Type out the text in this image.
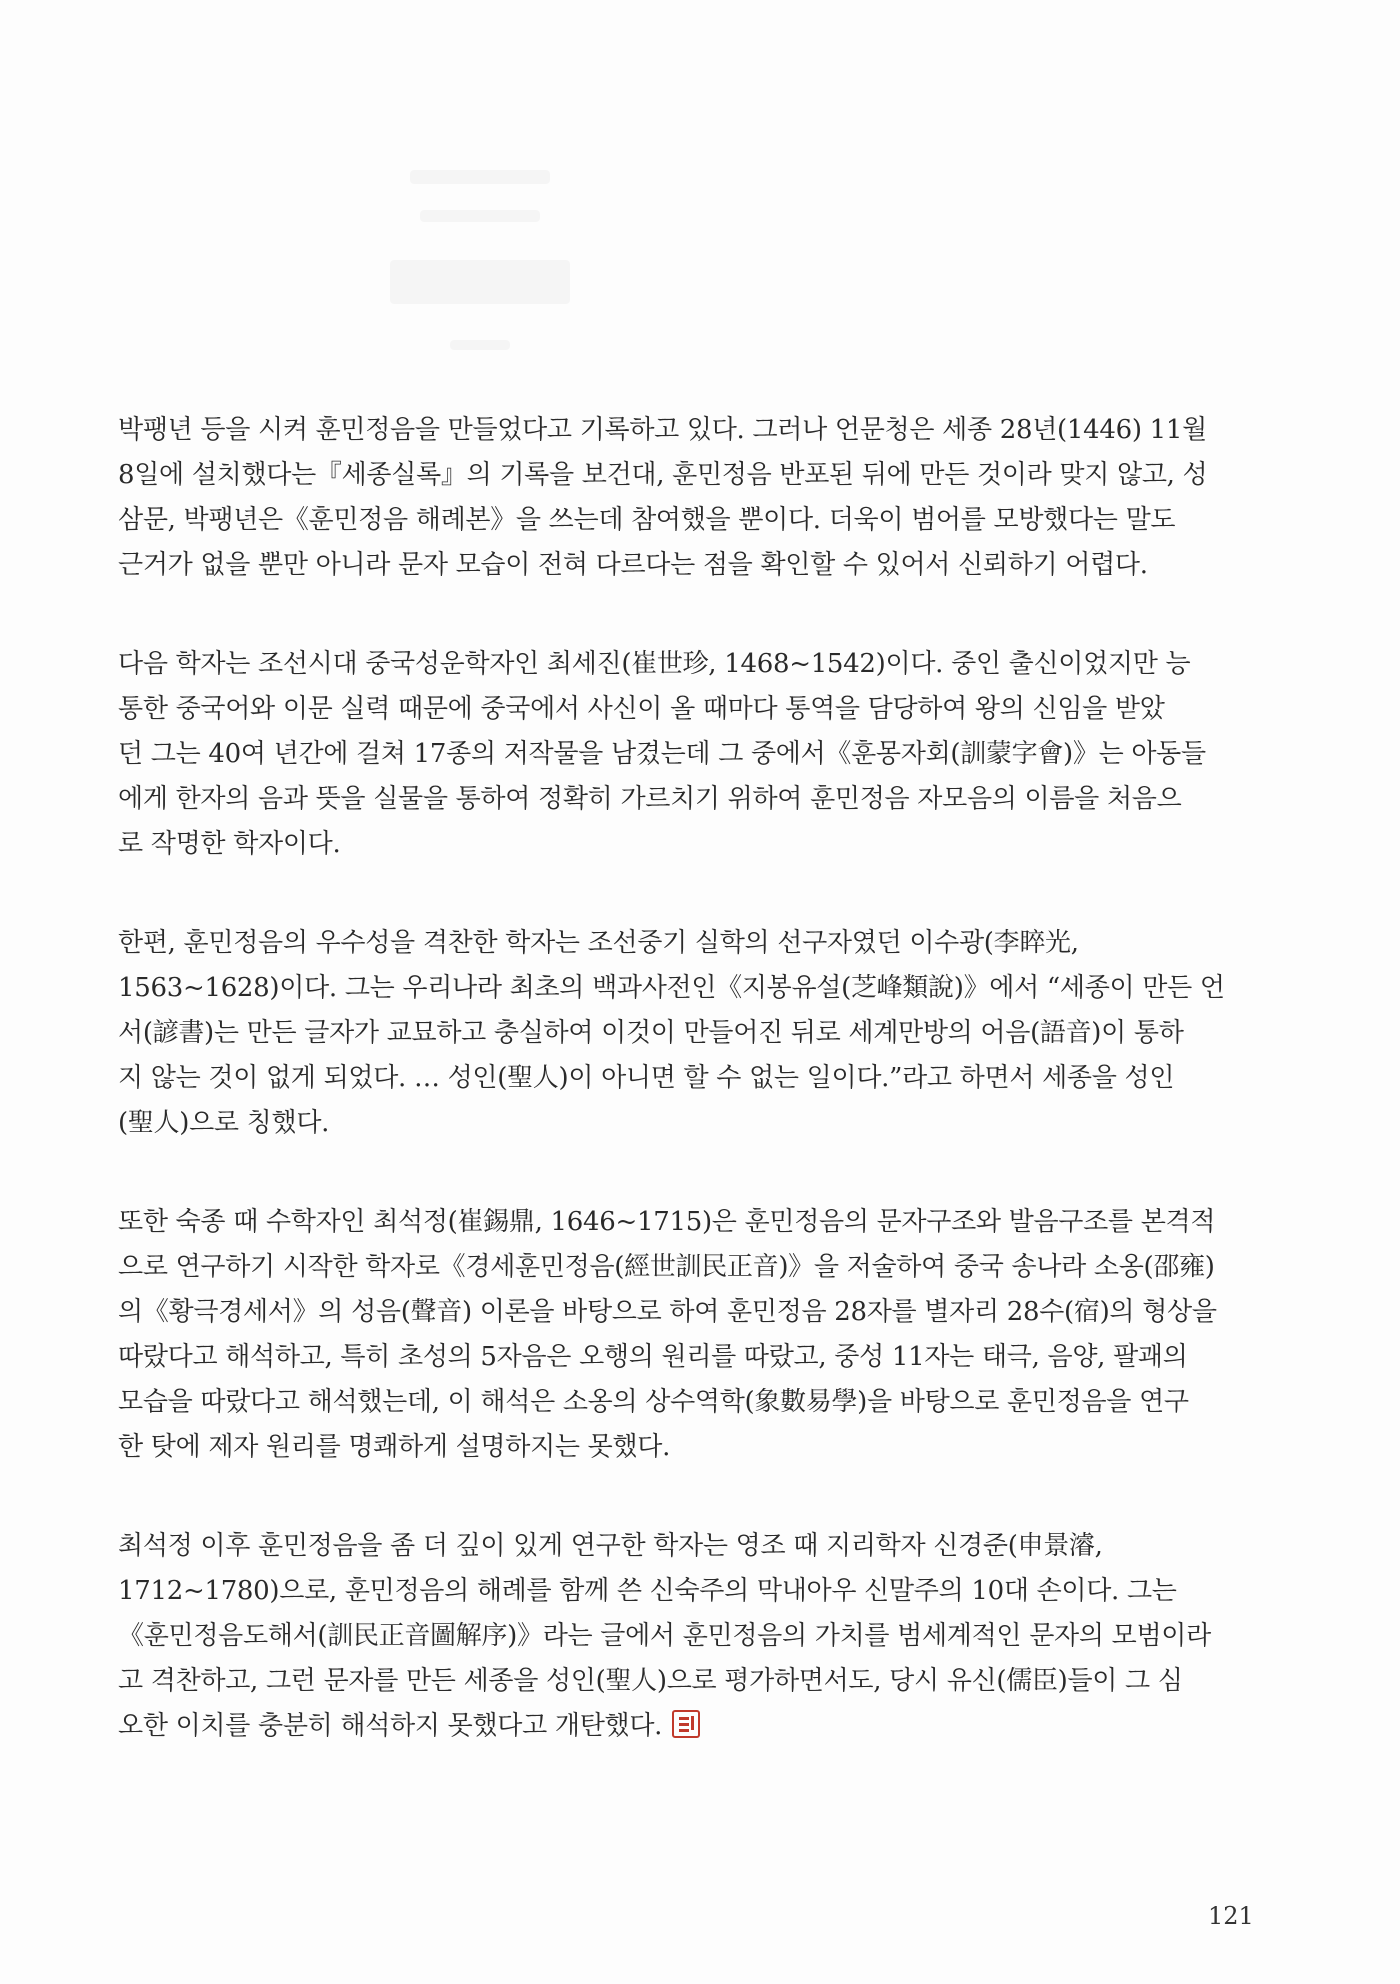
박팽년 등을 시켜 훈민정음을 만들었다고 기록하고 있다. 그러나 언문청은 세종 28년(1446) 11월

8일에 설치했다는『세종실록』의 기록을 보건대, 훈민정음 반포된 뒤에 만든 것이라 맞지 않고, 성

삼문, 박팽년은《훈민정음 해례본》을 쓰는데 참여했을 뿐이다. 더욱이 범어를 모방했다는 말도

근거가 없을 뿐만 아니라 문자 모습이 전혀 다르다는 점을 확인할 수 있어서 신뢰하기 어렵다.

다음 학자는 조선시대 중국성운학자인 최세진(崔世珍, 1468~1542)이다. 중인 출신이었지만 능

통한 중국어와 이문 실력 때문에 중국에서 사신이 올 때마다 통역을 담당하여 왕의 신임을 받았

던 그는 40여 년간에 걸쳐 17종의 저작물을 남겼는데 그 중에서《훈몽자회(訓蒙字會)》는 아동들

에게 한자의 음과 뜻을 실물을 통하여 정확히 가르치기 위하여 훈민정음 자모음의 이름을 처음으

로 작명한 학자이다.

한편, 훈민정음의 우수성을 격찬한 학자는 조선중기 실학의 선구자였던 이수광(李睟光,

1563~1628)이다. 그는 우리나라 최초의 백과사전인《지봉유설(芝峰類說)》에서 “세종이 만든 언

서(諺書)는 만든 글자가 교묘하고 충실하여 이것이 만들어진 뒤로 세계만방의 어음(語音)이 통하

지 않는 것이 없게 되었다. … 성인(聖人)이 아니면 할 수 없는 일이다.”라고 하면서 세종을 성인

(聖人)으로 칭했다.

또한 숙종 때 수학자인 최석정(崔錫鼎, 1646~1715)은 훈민정음의 문자구조와 발음구조를 본격적

으로 연구하기 시작한 학자로《경세훈민정음(經世訓民正音)》을 저술하여 중국 송나라 소옹(邵雍)

의《황극경세서》의 성음(聲音) 이론을 바탕으로 하여 훈민정음 28자를 별자리 28수(宿)의 형상을

따랐다고 해석하고, 특히 초성의 5자음은 오행의 원리를 따랐고, 중성 11자는 태극, 음양, 팔괘의

모습을 따랐다고 해석했는데, 이 해석은 소옹의 상수역학(象數易學)을 바탕으로 훈민정음을 연구

한 탓에 제자 원리를 명쾌하게 설명하지는 못했다.

최석정 이후 훈민정음을 좀 더 깊이 있게 연구한 학자는 영조 때 지리학자 신경준(申景濬,

1712~1780)으로, 훈민정음의 해례를 함께 쓴 신숙주의 막내아우 신말주의 10대 손이다. 그는

《훈민정음도해서(訓民正音圖解序)》라는 글에서 훈민정음의 가치를 범세계적인 문자의 모범이라

고 격찬하고, 그런 문자를 만든 세종을 성인(聖人)으로 평가하면서도, 당시 유신(儒臣)들이 그 심

오한 이치를 충분히 해석하지 못했다고 개탄했다.

121
